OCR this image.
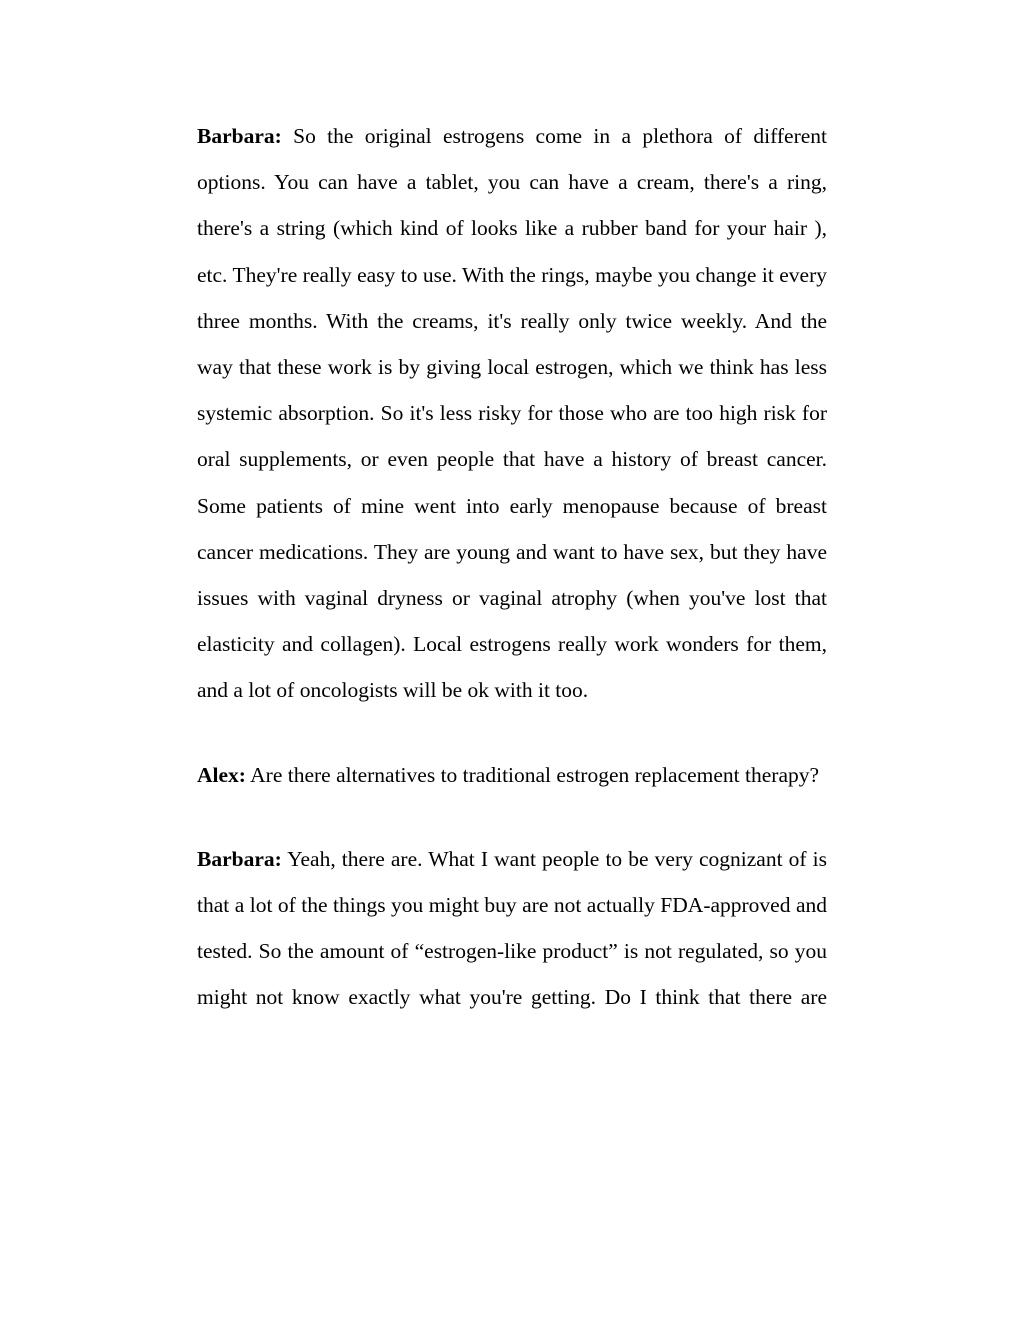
Barbara: So the original estrogens come in a plethora of different options. You can have a tablet, you can have a cream, there's a ring, there's a string (which kind of looks like a rubber band for your hair ), etc. They're really easy to use. With the rings, maybe you change it every three months. With the creams, it's really only twice weekly. And the way that these work is by giving local estrogen, which we think has less systemic absorption. So it's less risky for those who are too high risk for oral supplements, or even people that have a history of breast cancer. Some patients of mine went into early menopause because of breast cancer medications. They are young and want to have sex, but they have issues with vaginal dryness or vaginal atrophy (when you've lost that elasticity and collagen). Local estrogens really work wonders for them, and a lot of oncologists will be ok with it too.

Alex: Are there alternatives to traditional estrogen replacement therapy?

Barbara: Yeah, there are. What I want people to be very cognizant of is that a lot of the things you might buy are not actually FDA-approved and tested. So the amount of “estrogen-like product” is not regulated, so you might not know exactly what you're getting. Do I think that there are
